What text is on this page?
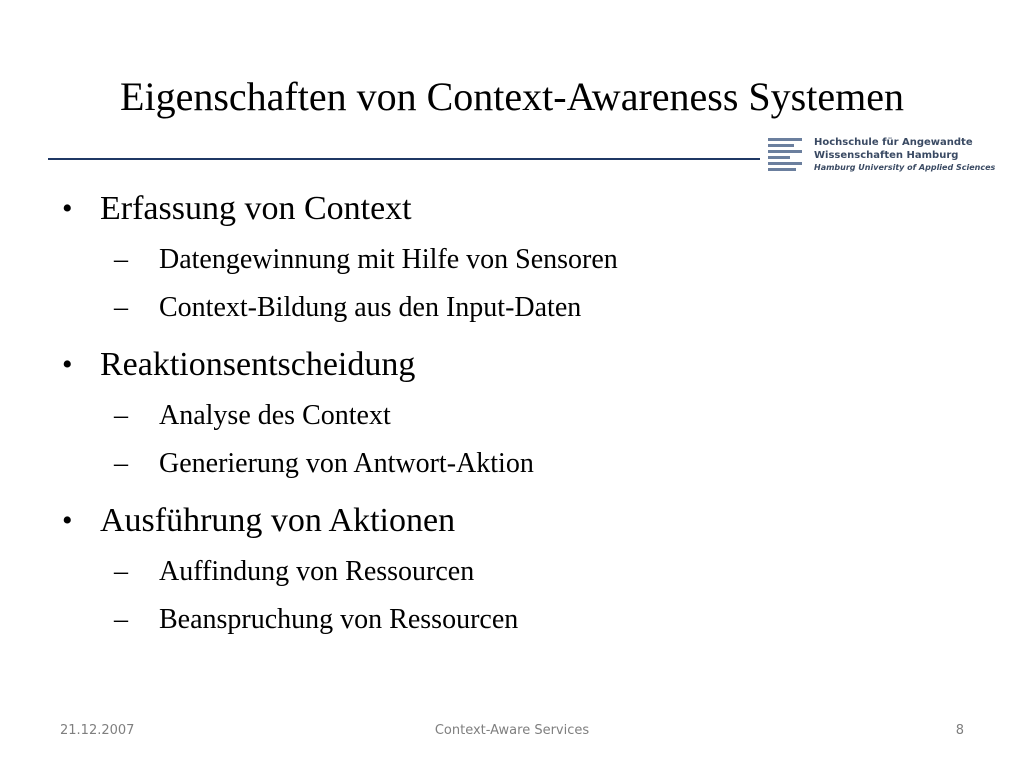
Eigenschaften von Context-Awareness Systemen
Hochschule für Angewandte
Wissenschaften Hamburg
Hamburg University of Applied Sciences
• Erfassung von Context
– Datengewinnung mit Hilfe von Sensoren
– Context-Bildung aus den Input-Daten
• Reaktionsentscheidung
– Analyse des Context
– Generierung von Antwort-Aktion
• Ausführung von Aktionen
– Auffindung von Ressourcen
– Beanspruchung von Ressourcen
21.12.2007	Context-Aware Services	8
